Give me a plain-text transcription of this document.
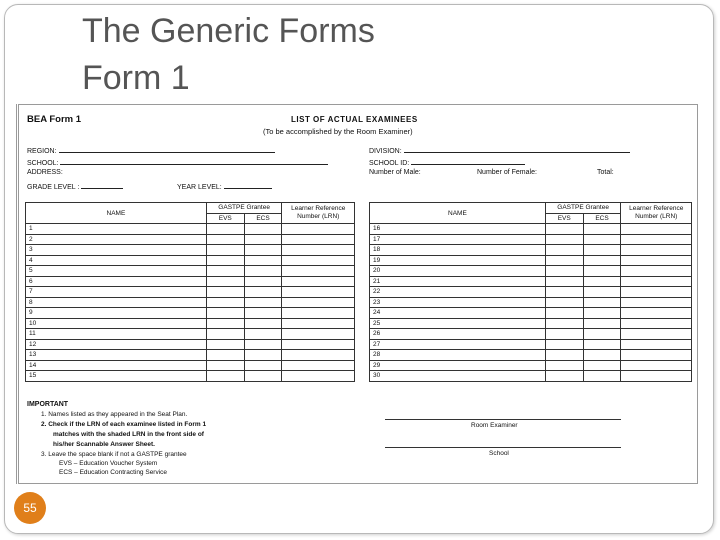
The Generic Forms
Form 1
BEA Form 1	LIST OF ACTUAL EXAMINEES
(To be accomplished by the Room Examiner)
REGION:
SCHOOL:
ADDRESS:
GRADE LEVEL :	YEAR LEVEL:
DIVISION:
SCHOOL ID:
Number of Male:	Number of Female:	Total:
NAME	GASTPE Grantee		Learner Reference Number (LRN)
	EVS	ECS	
1			
2			
3			
4			
5			
6			
7			
8			
9			
10			
11			
12			
13			
14			
15			
NAME	GASTPE Grantee		Learner Reference Number (LRN)
	EVS	ECS	
16			
17			
18			
19			
20			
21			
22			
23			
24			
25			
26			
27			
28			
29			
30			
IMPORTANT
1. Names listed as they appeared in the Seat Plan.
2. Check if the LRN of each examinee listed in Form 1
matches with the shaded LRN in the front side of
his/her Scannable Answer Sheet.
3. Leave the space blank if not a GASTPE grantee
EVS – Education Voucher System
ECS – Education Contracting Service
Room Examiner
School
55
